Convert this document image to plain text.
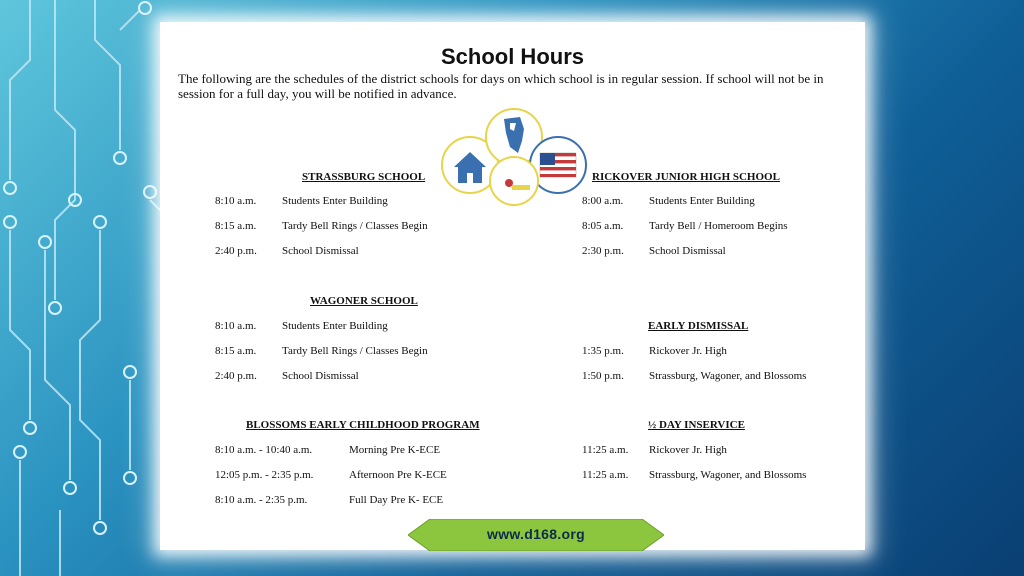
School Hours
The following are the schedules of the district schools for days on which school is in regular session. If school will not be in session for a full day, you will be notified in advance.
STRASSBURG SCHOOL
8:10 a.m. Students Enter Building
8:15 a.m. Tardy Bell Rings / Classes Begin
2:40 p.m. School Dismissal
RICKOVER JUNIOR HIGH SCHOOL
8:00 a.m. Students Enter Building
8:05 a.m. Tardy Bell / Homeroom Begins
2:30 p.m. School Dismissal
WAGONER SCHOOL
8:10 a.m. Students Enter Building
8:15 a.m. Tardy Bell Rings / Classes Begin
2:40 p.m. School Dismissal
EARLY DISMISSAL
1:35 p.m. Rickover Jr. High
1:50 p.m. Strassburg, Wagoner, and Blossoms
BLOSSOMS EARLY CHILDHOOD PROGRAM
8:10 a.m. - 10:40 a.m.	Morning Pre K-ECE
12:05 p.m. - 2:35 p.m.	Afternoon Pre K-ECE
8:10 a.m. - 2:35 p.m.	Full Day Pre K- ECE
½ DAY INSERVICE
11:25 a.m. Rickover Jr. High
11:25 a.m. Strassburg, Wagoner, and Blossoms
www.d168.org
